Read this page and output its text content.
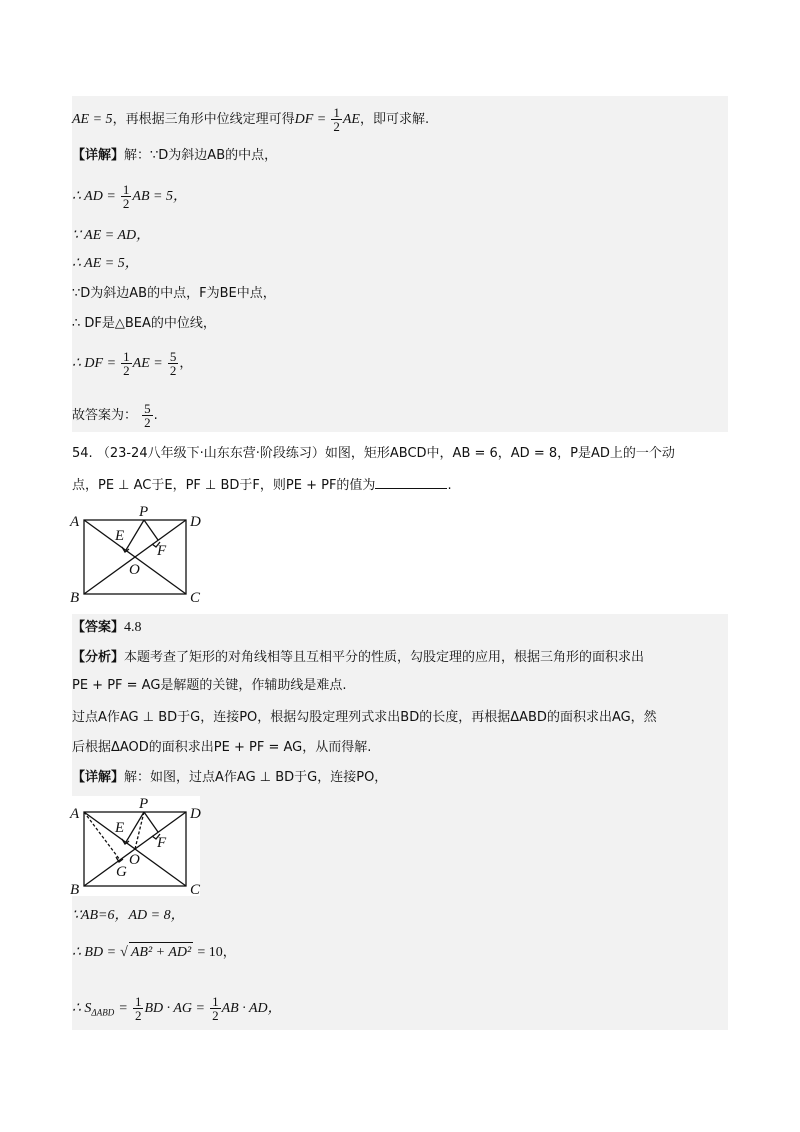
AE = 5，再根据三角形中位线定理可得DF = $\frac{1}{2}$ AE，即可求解.
【详解】解：∵D为斜边AB的中点，
∴ AD = $\frac{1}{2}$ AB = 5，
∵ AE = AD，
∴ AE = 5，
∵D为斜边AB的中点，F为BE中点，
∴ DF是△BEA的中位线，
∴ DF = $\frac{1}{2}$ AE = $\frac{5}{2}$ ，
故答案为： $\frac{5}{2}$ .
54. （23-24八年级下·山东东营·阶段练习）如图，矩形ABCD中，AB = 6，AD = 8，P是AD上的一个动
点，PE ⊥ AC于E，PF ⊥ BD于F，则PE + PF的值为	.
A
B	C
D
P
E
F
O
【答案】4.8
【分析】本题考查了矩形的对角线相等且互相平分的性质，勾股定理的应用，根据三角形的面积求出
PE + PF = AG是解题的关键，作辅助线是难点.
过点A作AG ⊥ BD于G，连接PO，根据勾股定理列式求出BD的长度，再根据ΔABD的面积求出AG，然
后根据ΔAOD的面积求出PE + PF = AG，从而得解.
【详解】解：如图，过点A作AG ⊥ BD于G，连接PO，
A
B	C
D
P
E
F
O
G
∵AB=6，AD = 8，
∴ BD = √ AB² + AD² = 10，
∴ $S_{\Delta ABD} = \frac{1}{2}$ BD · AG = $\frac{1}{2}$ AB · AD，
